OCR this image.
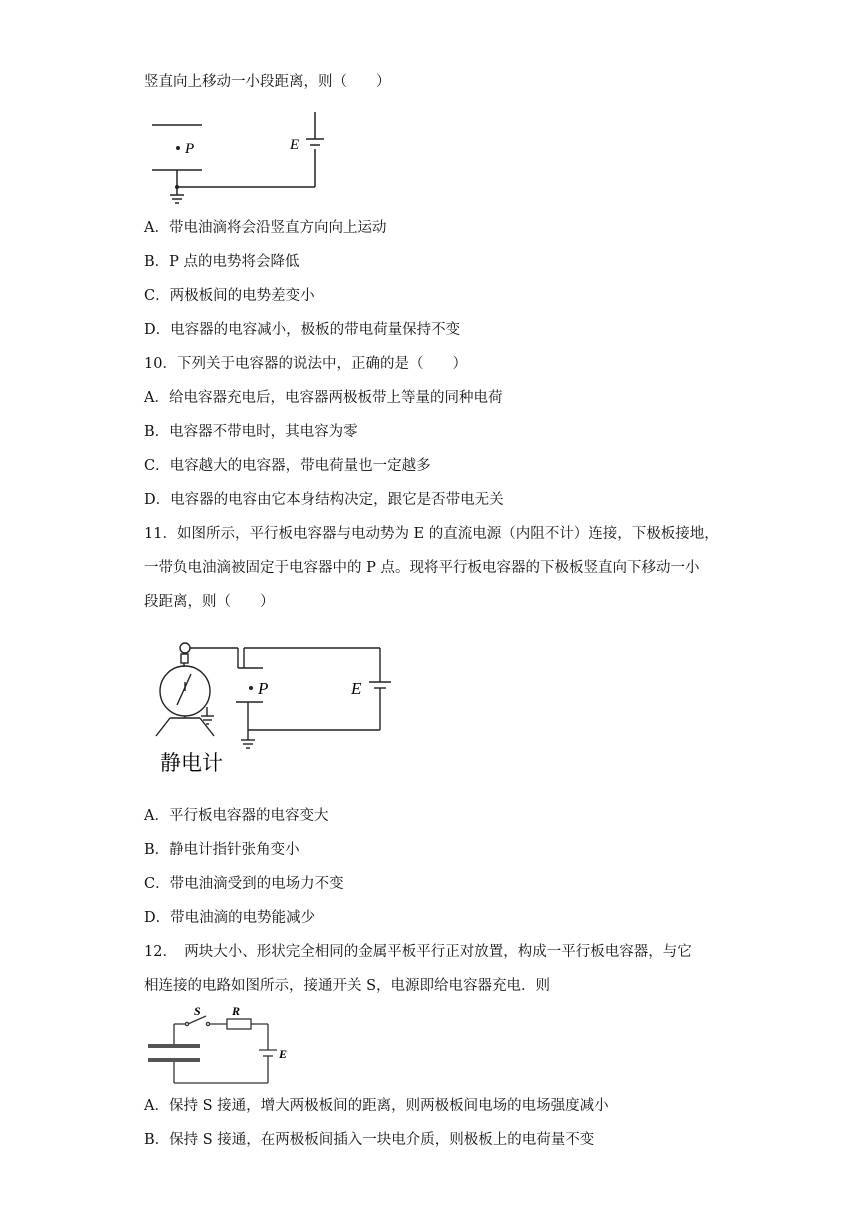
竖直向上移动一小段距离，则（　　）
P	E
A．带电油滴将会沿竖直方向向上运动
B．P 点的电势将会降低
C．两极板间的电势差变小
D．电容器的电容减小，极板的带电荷量保持不变
10．下列关于电容器的说法中，正确的是（　　）
A．给电容器充电后，电容器两极板带上等量的同种电荷
B．电容器不带电时，其电容为零
C．电容越大的电容器，带电荷量也一定越多
D．电容器的电容由它本身结构决定，跟它是否带电无关
11．如图所示，平行板电容器与电动势为 E 的直流电源（内阻不计）连接，下极板接地，
一带负电油滴被固定于电容器中的 P 点。现将平行板电容器的下极板竖直向下移动一小
段距离，则（　　）
P	E
静电计
A．平行板电容器的电容变大
B．静电计指针张角变小
C．带电油滴受到的电场力不变
D．带电油滴的电势能减少
12．　两块大小、形状完全相同的金属平板平行正对放置，构成一平行板电容器，与它
相连接的电路如图所示，接通开关 S，电源即给电容器充电．则
S	R
E
A．保持 S 接通，增大两极板间的距离，则两极板间电场的电场强度减小
B．保持 S 接通，在两极板间插入一块电介质，则极板上的电荷量不变
